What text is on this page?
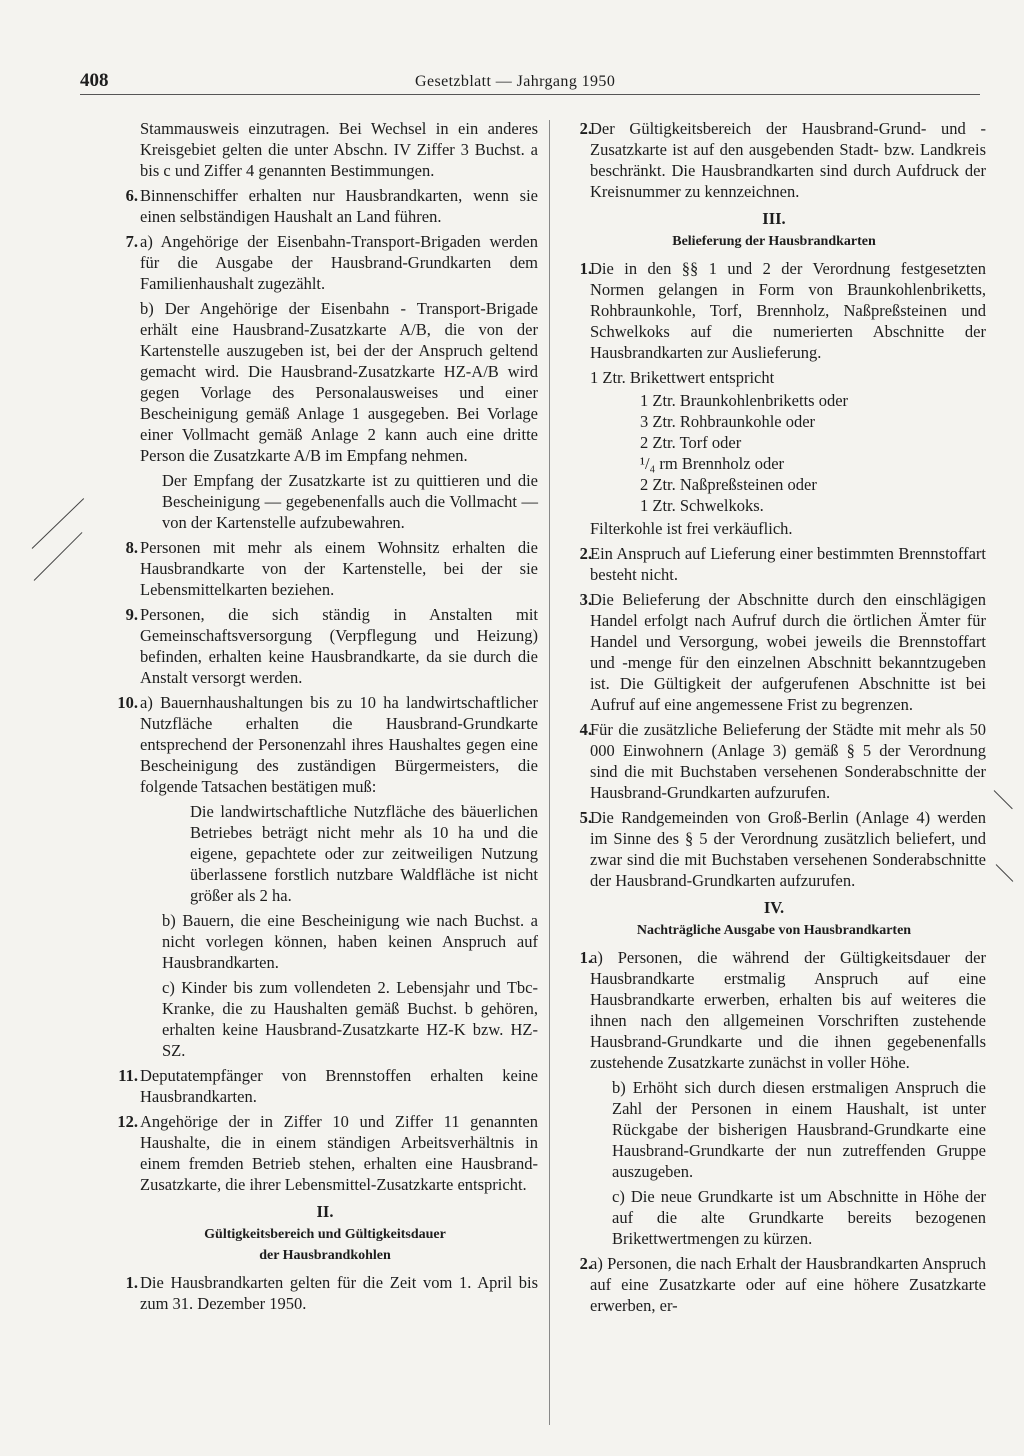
408	Gesetzblatt — Jahrgang 1950

Stammausweis einzutragen. Bei Wechsel in ein anderes Kreisgebiet gelten die unter Abschn. IV Ziffer 3 Buchst. a bis c und Ziffer 4 genannten Bestimmungen.

6. Binnenschiffer erhalten nur Hausbrandkarten, wenn sie einen selbständigen Haushalt an Land führen.
7. a) Angehörige der Eisenbahn-Transport-Brigaden werden für die Ausgabe der Hausbrand-Grundkarten dem Familienhaushalt zugezählt.
b) Der Angehörige der Eisenbahn - Transport-Brigade erhält eine Hausbrand-Zusatzkarte A/B, die von der Kartenstelle auszugeben ist, bei der der Anspruch geltend gemacht wird. Die Hausbrand-Zusatzkarte HZ-A/B wird gegen Vorlage des Personalausweises und einer Bescheinigung gemäß Anlage 1 ausgegeben. Bei Vorlage einer Vollmacht gemäß Anlage 2 kann auch eine dritte Person die Zusatzkarte A/B im Empfang nehmen.

Der Empfang der Zusatzkarte ist zu quittieren und die Bescheinigung — gegebenenfalls auch die Vollmacht — von der Kartenstelle aufzubewahren.

8. Personen mit mehr als einem Wohnsitz erhalten die Hausbrandkarte von der Kartenstelle, bei der sie Lebensmittelkarten beziehen.
9. Personen, die sich ständig in Anstalten mit Gemeinschaftsversorgung (Verpflegung und Heizung) befinden, erhalten keine Hausbrandkarte, da sie durch die Anstalt versorgt werden.
10. a) Bauernhaushaltungen bis zu 10 ha landwirtschaftlicher Nutzfläche erhalten die Hausbrand-Grundkarte entsprechend der Personenzahl ihres Haushaltes gegen eine Bescheinigung des zuständigen Bürgermeisters, die folgende Tatsachen bestätigen muß:

Die landwirtschaftliche Nutzfläche des bäuerlichen Betriebes beträgt nicht mehr als 10 ha und die eigene, gepachtete oder zur zeitweiligen Nutzung überlassene forstlich nutzbare Waldfläche ist nicht größer als 2 ha.

b) Bauern, die eine Bescheinigung wie nach Buchst. a nicht vorlegen können, haben keinen Anspruch auf Hausbrandkarten.
c) Kinder bis zum vollendeten 2. Lebensjahr und Tbc-Kranke, die zu Haushalten gemäß Buchst. b gehören, erhalten keine Hausbrand-Zusatzkarte HZ-K bzw. HZ-SZ.
11. Deputatempfänger von Brennstoffen erhalten keine Hausbrandkarten.
12. Angehörige der in Ziffer 10 und Ziffer 11 genannten Haushalte, die in einem ständigen Arbeitsverhältnis in einem fremden Betrieb stehen, erhalten eine Hausbrand-Zusatzkarte, die ihrer Lebensmittel-Zusatzkarte entspricht.
II.
Gültigkeitsbereich und Gültigkeitsdauer
der Hausbrandkohlen
1. Die Hausbrandkarten gelten für die Zeit vom 1. April bis zum 31. Dezember 1950.
2.
Der Gültigkeitsbereich der Hausbrand-Grund- und -Zusatzkarte ist auf den ausgebenden Stadt- bzw. Landkreis beschränkt. Die Hausbrandkarten sind durch Aufdruck der Kreisnummer zu kennzeichnen.
III.
Belieferung der Hausbrandkarten
1.
Die in den §§ 1 und 2 der Verordnung festgesetzten Normen gelangen in Form von Braunkohlenbriketts, Rohbraunkohle, Torf, Brennholz, Naßpreßsteinen und Schwelkoks auf die numerierten Abschnitte der Hausbrandkarten zur Auslieferung.

1 Ztr. Brikettwert entspricht

1 Ztr. Braunkohlenbriketts oder
3 Ztr. Rohbraunkohle oder
2 Ztr. Torf oder
¹/₄ rm Brennholz oder
2 Ztr. Naßpreßsteinen oder
1 Ztr. Schwelkoks.

Filterkohle ist frei verkäuflich.

2.
Ein Anspruch auf Lieferung einer bestimmten Brennstoffart besteht nicht.
3.
Die Belieferung der Abschnitte durch den einschlägigen Handel erfolgt nach Aufruf durch die örtlichen Ämter für Handel und Versorgung, wobei jeweils die Brennstoffart und -menge für den einzelnen Abschnitt bekanntzugeben ist. Die Gültigkeit der aufgerufenen Abschnitte ist bei Aufruf auf eine angemessene Frist zu begrenzen.
4.
Für die zusätzliche Belieferung der Städte mit mehr als 50 000 Einwohnern (Anlage 3) gemäß § 5 der Verordnung sind die mit Buchstaben versehenen Sonderabschnitte der Hausbrand-Grundkarten aufzurufen.
5.
Die Randgemeinden von Groß-Berlin (Anlage 4) werden im Sinne des § 5 der Verordnung zusätzlich beliefert, und zwar sind die mit Buchstaben versehenen Sonderabschnitte der Hausbrand-Grundkarten aufzurufen.
IV.
Nachträgliche Ausgabe von Hausbrandkarten
1.
a) Personen, die während der Gültigkeitsdauer der Hausbrandkarte erstmalig Anspruch auf eine Hausbrandkarte erwerben, erhalten bis auf weiteres die ihnen nach den allgemeinen Vorschriften zustehende Hausbrand-Grundkarte und die ihnen gegebenenfalls zustehende Zusatzkarte zunächst in voller Höhe.
b) Erhöht sich durch diesen erstmaligen Anspruch die Zahl der Personen in einem Haushalt, ist unter Rückgabe der bisherigen Hausbrand-Grundkarte eine Hausbrand-Grundkarte der nun zutreffenden Gruppe auszugeben.
c) Die neue Grundkarte ist um Abschnitte in Höhe der auf die alte Grundkarte bereits bezogenen Brikettwertmengen zu kürzen.
2.
a) Personen, die nach Erhalt der Hausbrandkarten Anspruch auf eine Zusatzkarte oder auf eine höhere Zusatzkarte erwerben, er-
